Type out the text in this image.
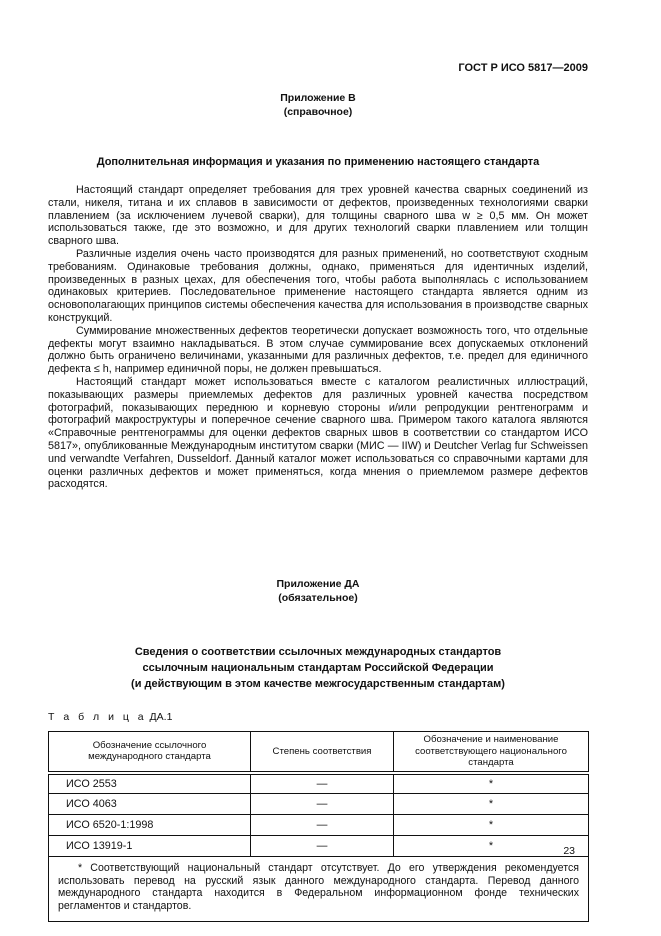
ГОСТ Р ИСО 5817—2009
Приложение В
(справочное)
Дополнительная информация и указания по применению настоящего стандарта

Настоящий стандарт определяет требования для трех уровней качества сварных соединений из стали, никеля, титана и их сплавов в зависимости от дефектов, произведенных технологиями сварки плавлением (за исключением лучевой сварки), для толщины сварного шва w ≥ 0,5 мм. Он может использоваться также, где это возможно, и для других технологий сварки плавлением или толщин сварного шва.

Различные изделия очень часто производятся для разных применений, но соответствуют сходным требованиям. Одинаковые требования должны, однако, применяться для идентичных изделий, произведенных в разных цехах, для обеспечения того, чтобы работа выполнялась с использованием одинаковых критериев. Последовательное применение настоящего стандарта является одним из основополагающих принципов системы обеспечения качества для использования в производстве сварных конструкций.

Суммирование множественных дефектов теоретически допускает возможность того, что отдельные дефекты могут взаимно накладываться. В этом случае суммирование всех допускаемых отклонений должно быть ограничено величинами, указанными для различных дефектов, т.е. предел для единичного дефекта ≤ h, например единичной поры, не должен превышаться.

Настоящий стандарт может использоваться вместе с каталогом реалистичных иллюстраций, показывающих размеры приемлемых дефектов для различных уровней качества посредством фотографий, показывающих переднюю и корневую стороны и/или репродукции рентгенограмм и фотографий макроструктуры и поперечное сечение сварного шва. Примером такого каталога являются «Справочные рентгенограммы для оценки дефектов сварных швов в соответствии со стандартом ИСО 5817», опубликованные Международным институтом сварки (МИС — IIW) и Deutcher Verlag fur Schweissen und verwandte Verfahren, Dusseldorf. Данный каталог может использоваться со справочными картами для оценки различных дефектов и может применяться, когда мнения о приемлемом размере дефектов расходятся.

Приложение ДА
(обязательное)
Сведения о соответствии ссылочных международных стандартов
ссылочным национальным стандартам Российской Федерации
(и действующим в этом качестве межгосударственным стандартам)
Т а б л и ц а ДА.1
Обозначение ссылочного международного стандарта	Степень соответствия	Обозначение и наименование соответствующего национального стандарта
ИСО 2553	—	*
ИСО 4063	—	*
ИСО 6520-1:1998	—	*
ИСО 13919-1	—	*

* Соответствующий национальный стандарт отсутствует. До его утверждения рекомендуется использовать перевод на русский язык данного международного стандарта. Перевод данного международного стандарта находится в Федеральном информационном фонде технических регламентов и стандартов.		

23
